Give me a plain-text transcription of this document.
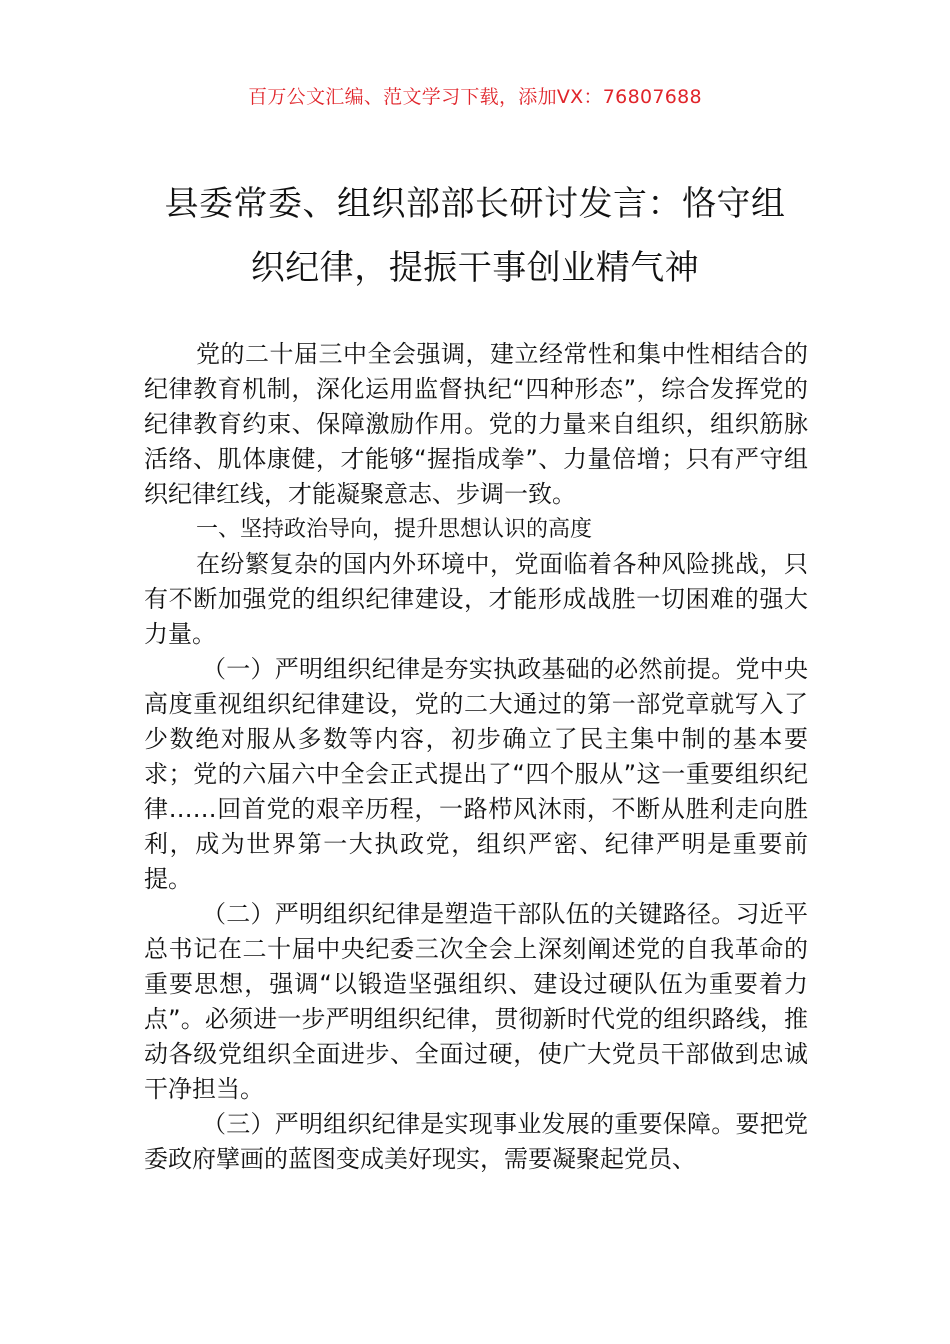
百万公文汇编、范文学习下载，添加VX：76807688
县委常委、组织部部长研讨发言：恪守组
织纪律，提振干事创业精气神

党的二十届三中全会强调，建立经常性和集中性相结合的纪律教育机制，深化运用监督执纪“四种形态”，综合发挥党的纪律教育约束、保障激励作用。党的力量来自组织，组织筋脉活络、肌体康健，才能够“握指成拳”、力量倍增；只有严守组织纪律红线，才能凝聚意志、步调一致。

一、坚持政治导向，提升思想认识的高度

在纷繁复杂的国内外环境中，党面临着各种风险挑战，只有不断加强党的组织纪律建设，才能形成战胜一切困难的强大力量。

（一）严明组织纪律是夯实执政基础的必然前提。党中央高度重视组织纪律建设，党的二大通过的第一部党章就写入了少数绝对服从多数等内容，初步确立了民主集中制的基本要求；党的六届六中全会正式提出了“四个服从”这一重要组织纪律……回首党的艰辛历程，一路栉风沐雨，不断从胜利走向胜利，成为世界第一大执政党，组织严密、纪律严明是重要前提。

（二）严明组织纪律是塑造干部队伍的关键路径。习近平总书记在二十届中央纪委三次全会上深刻阐述党的自我革命的重要思想，强调“以锻造坚强组织、建设过硬队伍为重要着力点”。必须进一步严明组织纪律，贯彻新时代党的组织路线，推动各级党组织全面进步、全面过硬，使广大党员干部做到忠诚干净担当。

（三）严明组织纪律是实现事业发展的重要保障。要把党委政府擘画的蓝图变成美好现实，需要凝聚起党员、
